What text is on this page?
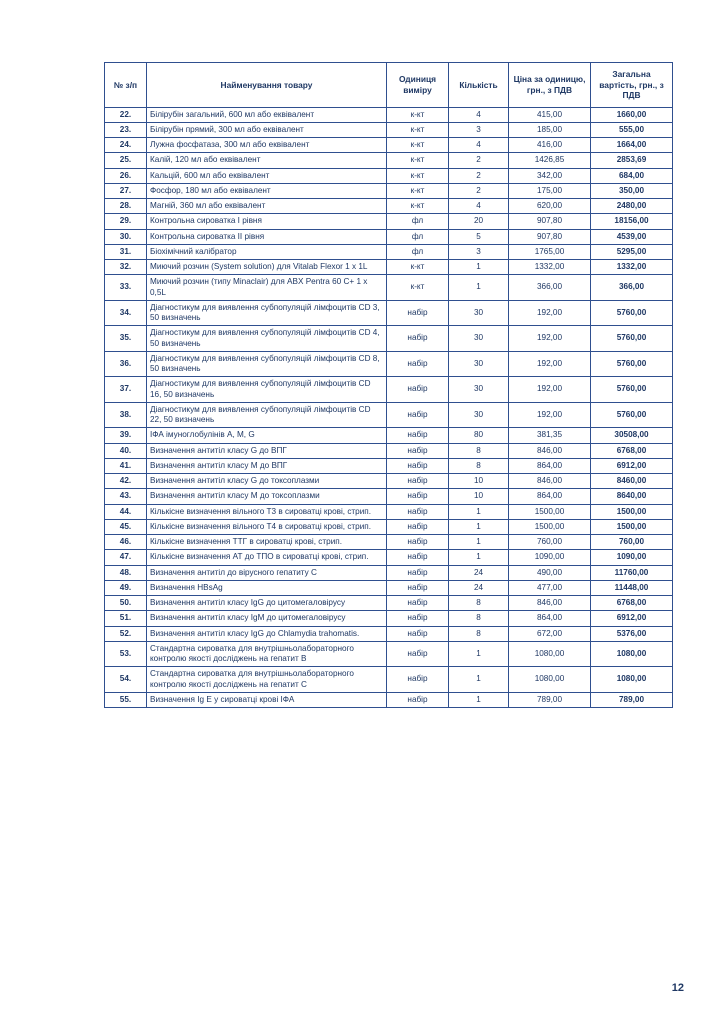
№ з/п	Найменування товару	Одиниця виміру	Кількість	Ціна за одиницю, грн., з ПДВ	Загальна вартість, грн., з ПДВ
22.	Білірубін загальний, 600 мл або еквівалент	к-кт	4	415,00	1660,00
23.	Білірубін прямий, 300 мл або еквівалент	к-кт	3	185,00	555,00
24.	Лужна фосфатаза, 300 мл або еквівалент	к-кт	4	416,00	1664,00
25.	Калій, 120 мл або еквівалент	к-кт	2	1426,85	2853,69
26.	Кальцій, 600 мл або еквівалент	к-кт	2	342,00	684,00
27.	Фосфор, 180 мл або еквівалент	к-кт	2	175,00	350,00
28.	Магній, 360 мл або еквівалент	к-кт	4	620,00	2480,00
29.	Контрольна сироватка I рівня	фл	20	907,80	18156,00
30.	Контрольна сироватка II рівня	фл	5	907,80	4539,00
31.	Біохімічний калібратор	фл	3	1765,00	5295,00
32.	Миючий розчин (System solution) для Vitalab Flexor 1 x 1L	к-кт	1	1332,00	1332,00
33.	Миючий розчин (типу Minaclair) для ABX Pentra 60 C+ 1 x 0,5L	к-кт	1	366,00	366,00
34.	Діагностикум для виявлення субпопуляцій лімфоцитів CD 3, 50 визначень	набір	30	192,00	5760,00
35.	Діагностикум для виявлення субпопуляцій лімфоцитів CD 4, 50 визначень	набір	30	192,00	5760,00
36.	Діагностикум для виявлення субпопуляцій лімфоцитів CD 8, 50 визначень	набір	30	192,00	5760,00
37.	Діагностикум для виявлення субпопуляцій лімфоцитів CD 16, 50 визначень	набір	30	192,00	5760,00
38.	Діагностикум для виявлення субпопуляцій лімфоцитів CD 22, 50 визначень	набір	30	192,00	5760,00
39.	ІФА імуноглобулінів A, M, G	набір	80	381,35	30508,00
40.	Визначення антитіл класу G до ВПГ	набір	8	846,00	6768,00
41.	Визначення антитіл класу M до ВПГ	набір	8	864,00	6912,00
42.	Визначення антитіл класу G до токсоплазми	набір	10	846,00	8460,00
43.	Визначення антитіл класу M до токсоплазми	набір	10	864,00	8640,00
44.	Кількісне визначення вільного Т3 в сироватці крові, стрип.	набір	1	1500,00	1500,00
45.	Кількісне визначення вільного Т4 в сироватці крові, стрип.	набір	1	1500,00	1500,00
46.	Кількісне визначення ТТГ в сироватці крові, стрип.	набір	1	760,00	760,00
47.	Кількісне визначення АТ до ТПО в сироватці крові, стрип.	набір	1	1090,00	1090,00
48.	Визначення антитіл до вірусного гепатиту С	набір	24	490,00	11760,00
49.	Визначення HBsAg	набір	24	477,00	11448,00
50.	Визначення антитіл класу IgG до цитомегаловірусу	набір	8	846,00	6768,00
51.	Визначення антитіл класу IgM до цитомегаловірусу	набір	8	864,00	6912,00
52.	Визначення антитіл класу IgG до Chlamydia trahomatis.	набір	8	672,00	5376,00
53.	Стандартна сироватка для внутрішньолабораторного контролю якості досліджень на гепатит В	набір	1	1080,00	1080,00
54.	Стандартна сироватка для внутрішньолабораторного контролю якості досліджень на гепатит С	набір	1	1080,00	1080,00
55.	Визначення Ig E у сироватці крові ІФА	набір	1	789,00	789,00
12
